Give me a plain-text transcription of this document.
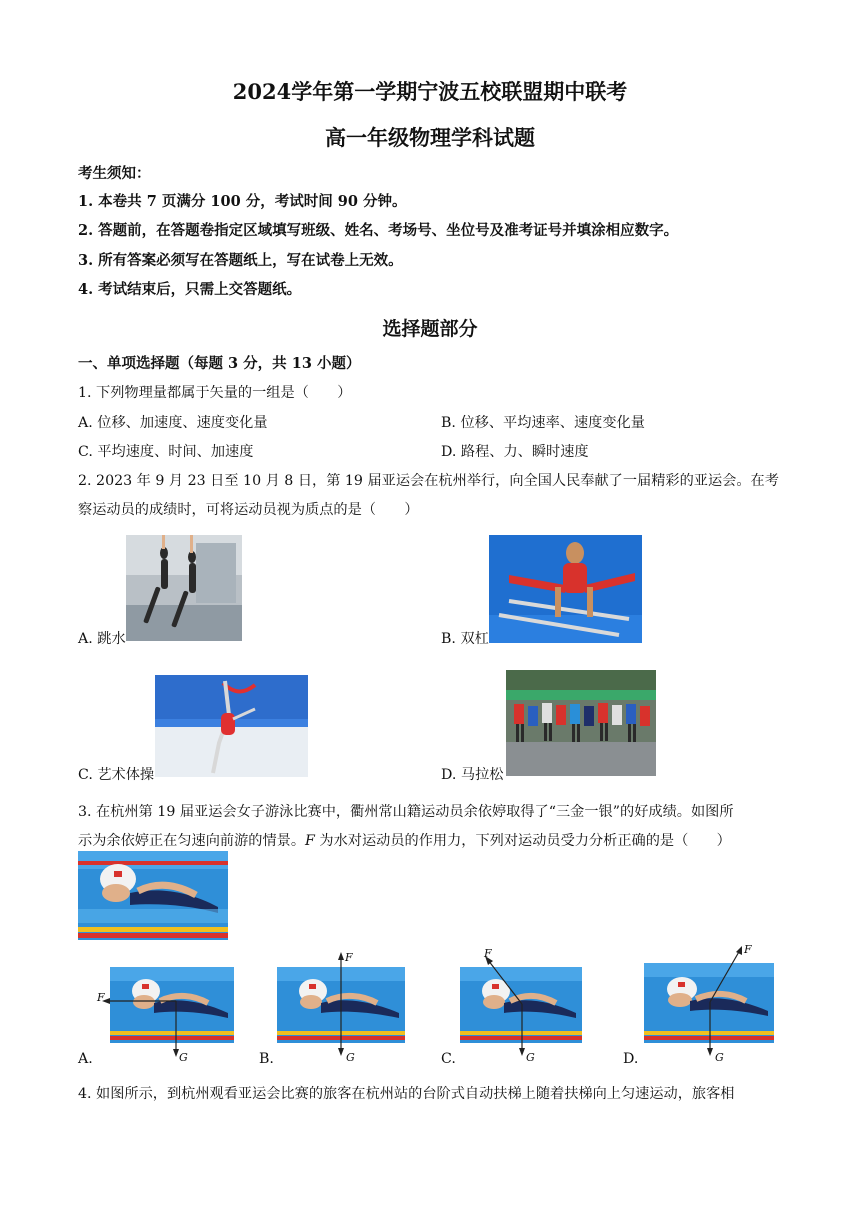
2024学年第一学期宁波五校联盟期中联考
高一年级物理学科试题
考生须知：
1. 本卷共 7 页满分 100 分，考试时间 90 分钟。
2. 答题前，在答题卷指定区域填写班级、姓名、考场号、坐位号及准考证号并填涂相应数字。
3. 所有答案必须写在答题纸上，写在试卷上无效。
4. 考试结束后，只需上交答题纸。
选择题部分
一、单项选择题（每题 3 分，共 13 小题）
1. 下列物理量都属于矢量的一组是（　　）
A. 位移、加速度、速度变化量	B. 位移、平均速率、速度变化量
C. 平均速度、时间、加速度	D. 路程、力、瞬时速度
2. 2023 年 9 月 23 日至 10 月 8 日，第 19 届亚运会在杭州举行，向全国人民奉献了一届精彩的亚运会。在考
察运动员的成绩时，可将运动员视为质点的是（　　）
A. 跳水	B. 双杠
C. 艺术体操	D. 马拉松
3. 在杭州第 19 届亚运会女子游泳比赛中，衢州常山籍运动员余依婷取得了“三金一银”的好成绩。如图所
示为余依婷正在匀速向前游的情景。F 为水对运动员的作用力，下列对运动员受力分析正确的是（　　）
F
G
A.
F
G
B.
F
G
C.
F
G
D.
4. 如图所示，到杭州观看亚运会比赛的旅客在杭州站的台阶式自动扶梯上随着扶梯向上匀速运动，旅客相
